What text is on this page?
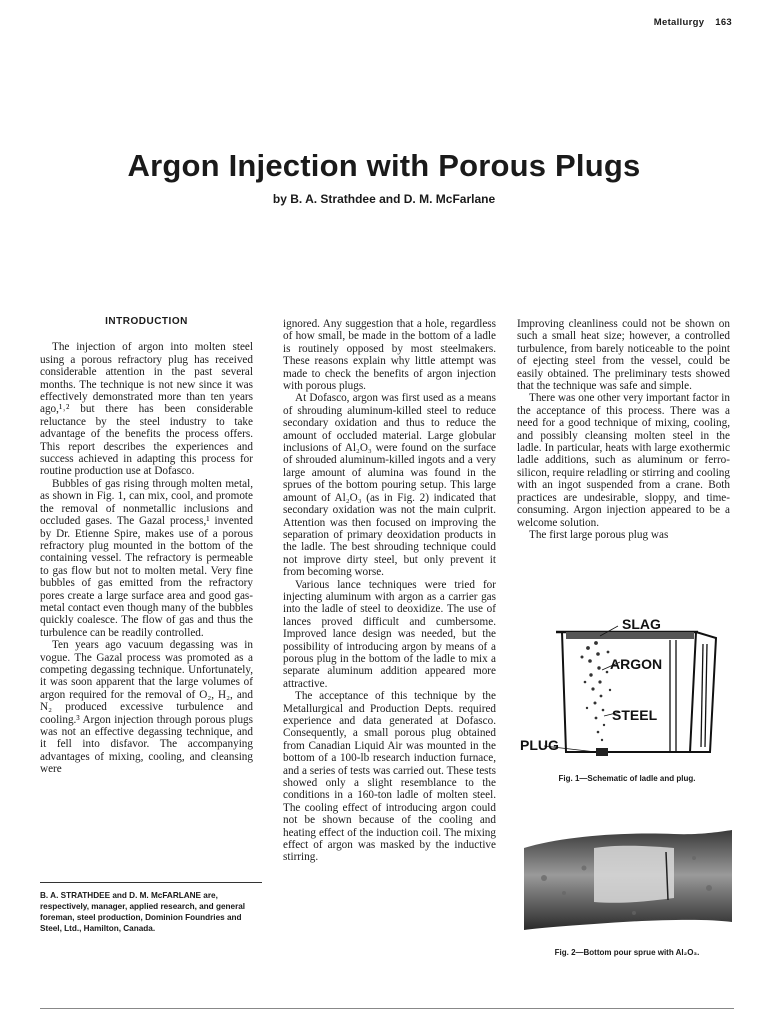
Metallurgy 163
Argon Injection with Porous Plugs
by B. A. Strathdee and D. M. McFarlane
INTRODUCTION

The injection of argon into molten steel using a porous refractory plug has received considerable attention in the past several months. The technique is not new since it was effectively demonstrated more than ten years ago,¹˒² but there has been considerable reluctance by the steel industry to take advantage of the benefits the process offers. This report describes the experiences and success achieved in adapting this process for routine production use at Dofasco.

Bubbles of gas rising through molten metal, as shown in Fig. 1, can mix, cool, and promote the removal of nonmetallic inclusions and occluded gases. The Gazal process,¹ invented by Dr. Etienne Spire, makes use of a porous refractory plug mounted in the bottom of the containing vessel. The refractory is permeable to gas flow but not to molten metal. Very fine bubbles of gas emitted from the refractory pores create a large surface area and good gas-metal contact even though many of the bubbles quickly coalesce. The flow of gas and thus the turbulence can be readily controlled.

Ten years ago vacuum degassing was in vogue. The Gazal process was promoted as a competing degassing technique. Unfortunately, it was soon apparent that the large volumes of argon required for the removal of O₂, H₂, and N₂ produced excessive turbulence and cooling.³ Argon injection through porous plugs was not an effective degassing technique, and it fell into disfavor. The accompanying advantages of mixing, cooling, and cleansing were

B. A. STRATHDEE and D. M. McFARLANE are, respectively, manager, applied research, and general foreman, steel production, Dominion Foundries and Steel, Ltd., Hamilton, Canada.

ignored. Any suggestion that a hole, regardless of how small, be made in the bottom of a ladle is routinely opposed by most steelmakers. These reasons explain why little attempt was made to check the benefits of argon injection with porous plugs.

At Dofasco, argon was first used as a means of shrouding aluminum-killed steel to reduce secondary oxidation and thus to reduce the amount of occluded material. Large globular inclusions of Al₂O₃ were found on the surface of shrouded aluminum-killed ingots and a very large amount of alumina was found in the sprues of the bottom pouring setup. This large amount of Al₂O₃ (as in Fig. 2) indicated that secondary oxidation was not the main culprit. Attention was then focused on improving the separation of primary deoxidation products in the ladle. The best shrouding technique could not improve dirty steel, but only prevent it from becoming worse.

Various lance techniques were tried for injecting aluminum with argon as a carrier gas into the ladle of steel to deoxidize. The use of lances proved difficult and cumbersome. Improved lance design was needed, but the possibility of introducing argon by means of a porous plug in the bottom of the ladle to mix a separate aluminum addition appeared more attractive.

The acceptance of this technique by the Metallurgical and Production Depts. required experience and data generated at Dofasco. Consequently, a small porous plug obtained from Canadian Liquid Air was mounted in the bottom of a 100-lb research induction furnace, and a series of tests was carried out. These tests showed only a slight resemblance to the conditions in a 160-ton ladle of molten steel. The cooling effect of introducing argon could not be shown because of the cooling and heating effect of the induction coil. The mixing effect of argon was masked by the inductive stirring.

Improving cleanliness could not be shown on such a small heat size; however, a controlled turbulence, from barely noticeable to the point of ejecting steel from the vessel, could be easily obtained. The preliminary tests showed that the technique was safe and simple.

There was one other very important factor in the acceptance of this process. There was a need for a good technique of mixing, cooling, and possibly cleansing molten steel in the ladle. In particular, heats with large exothermic ladle additions, such as aluminum or ferro-silicon, require reladling or stirring and cooling with an ingot suspended from a crane. Both practices are undesirable, sloppy, and time-consuming. Argon injection appeared to be a welcome solution.

The first large porous plug was

SLAG
ARGON
STEEL
PLUG
Fig. 1—Schematic of ladle and plug.
Fig. 2—Bottom pour sprue with Al₂O₃.
